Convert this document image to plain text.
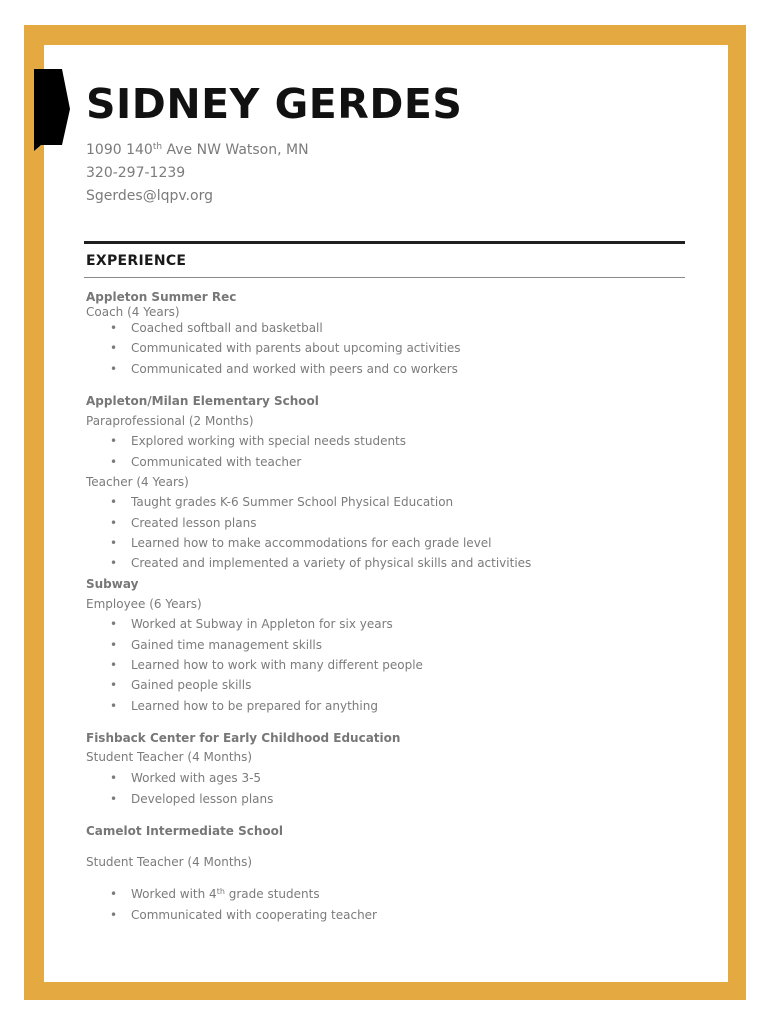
SIDNEY GERDES
1090 140th Ave NW Watson, MN
320-297-1239
Sgerdes@lqpv.org
EXPERIENCE
Appleton Summer Rec
Coach (4 Years)
• Coached softball and basketball
• Communicated with parents about upcoming activities
• Communicated and worked with peers and co workers
Appleton/Milan Elementary School
Paraprofessional (2 Months)
• Explored working with special needs students
• Communicated with teacher
Teacher (4 Years)
• Taught grades K-6 Summer School Physical Education
• Created lesson plans
• Learned how to make accommodations for each grade level
• Created and implemented a variety of physical skills and activities
Subway
Employee (6 Years)
• Worked at Subway in Appleton for six years
• Gained time management skills
• Learned how to work with many different people
• Gained people skills
• Learned how to be prepared for anything
Fishback Center for Early Childhood Education
Student Teacher (4 Months)
• Worked with ages 3-5
• Developed lesson plans
Camelot Intermediate School
Student Teacher (4 Months)
• Worked with 4th grade students
• Communicated with cooperating teacher
